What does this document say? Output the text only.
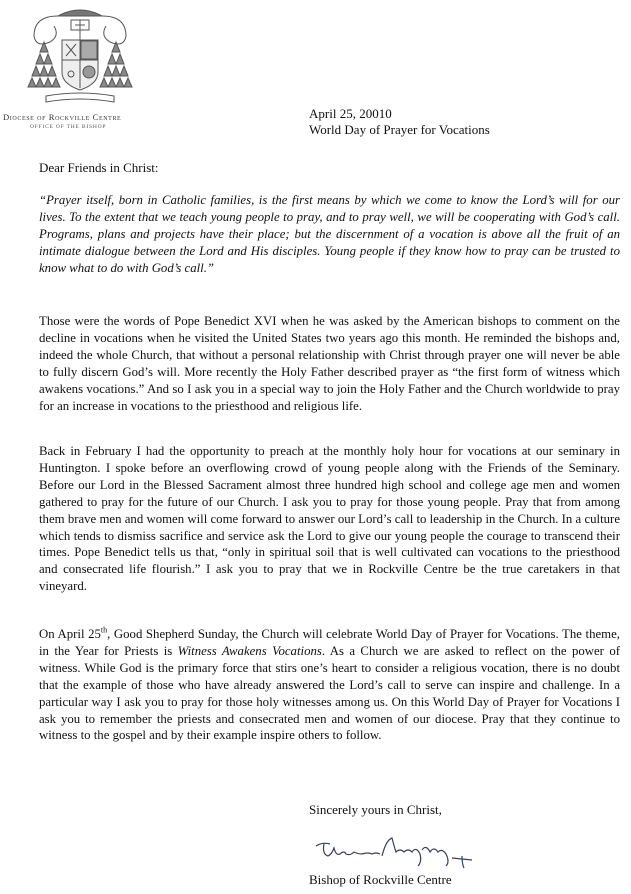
Diocese of Rockville Centre
OFFICE OF THE BISHOP
April 25, 20010
World Day of Prayer for Vocations
Dear Friends in Christ:

“Prayer itself, born in Catholic families, is the first means by which we come to know the Lord’s will for our lives. To the extent that we teach young people to pray, and to pray well, we will be cooperating with God’s call. Programs, plans and projects have their place; but the discernment of a vocation is above all the fruit of an intimate dialogue between the Lord and His disciples. Young people if they know how to pray can be trusted to know what to do with God’s call.”

Those were the words of Pope Benedict XVI when he was asked by the American bishops to comment on the decline in vocations when he visited the United States two years ago this month. He reminded the bishops and, indeed the whole Church, that without a personal relationship with Christ through prayer one will never be able to fully discern God’s will. More recently the Holy Father described prayer as “the first form of witness which awakens vocations.” And so I ask you in a special way to join the Holy Father and the Church worldwide to pray for an increase in vocations to the priesthood and religious life.

Back in February I had the opportunity to preach at the monthly holy hour for vocations at our seminary in Huntington. I spoke before an overflowing crowd of young people along with the Friends of the Seminary. Before our Lord in the Blessed Sacrament almost three hundred high school and college age men and women gathered to pray for the future of our Church. I ask you to pray for those young people. Pray that from among them brave men and women will come forward to answer our Lord’s call to leadership in the Church. In a culture which tends to dismiss sacrifice and service ask the Lord to give our young people the courage to transcend their times. Pope Benedict tells us that, “only in spiritual soil that is well cultivated can vocations to the priesthood and consecrated life flourish.” I ask you to pray that we in Rockville Centre be the true caretakers in that vineyard.

On April 25th, Good Shepherd Sunday, the Church will celebrate World Day of Prayer for Vocations. The theme, in the Year for Priests is Witness Awakens Vocations. As a Church we are asked to reflect on the power of witness. While God is the primary force that stirs one’s heart to consider a religious vocation, there is no doubt that the example of those who have already answered the Lord’s call to serve can inspire and challenge. In a particular way I ask you to pray for those holy witnesses among us. On this World Day of Prayer for Vocations I ask you to remember the priests and consecrated men and women of our diocese. Pray that they continue to witness to the gospel and by their example inspire others to follow.

Sincerely yours in Christ,
Bishop of Rockville Centre
